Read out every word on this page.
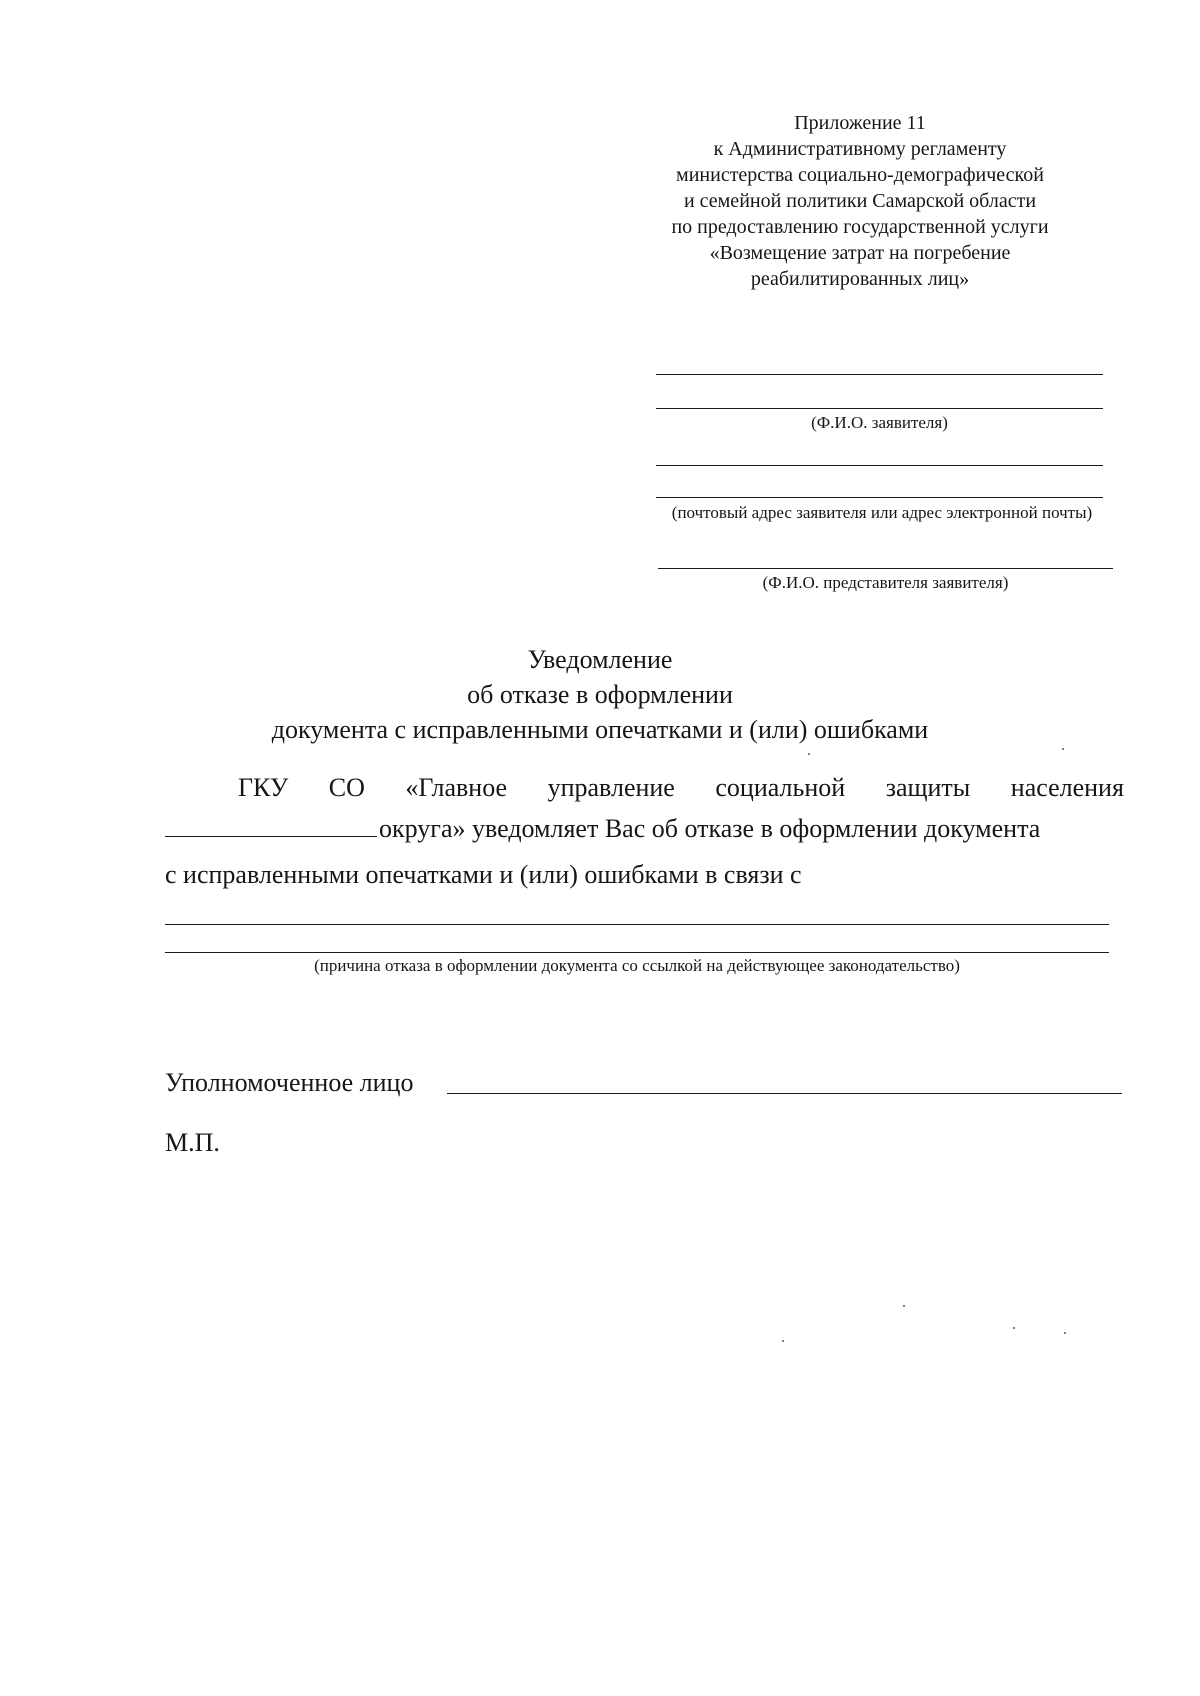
Приложение 11
к Административному регламенту
министерства социально-демографической
и семейной политики Самарской области
по предоставлению государственной услуги
«Возмещение затрат на погребение
реабилитированных лиц»
(Ф.И.О. заявителя)
(почтовый адрес заявителя или адрес электронной почты)
(Ф.И.О. представителя заявителя)
Уведомление
об отказе в оформлении
документа с исправленными опечатками и (или) ошибками
ГКУ СО «Главное управление социальной защиты населения
округа» уведомляет Вас об отказе в оформлении документа
с исправленными опечатками и (или) ошибками в связи с
(причина отказа в оформлении документа со ссылкой на действующее законодательство)
Уполномоченное лицо
М.П.
